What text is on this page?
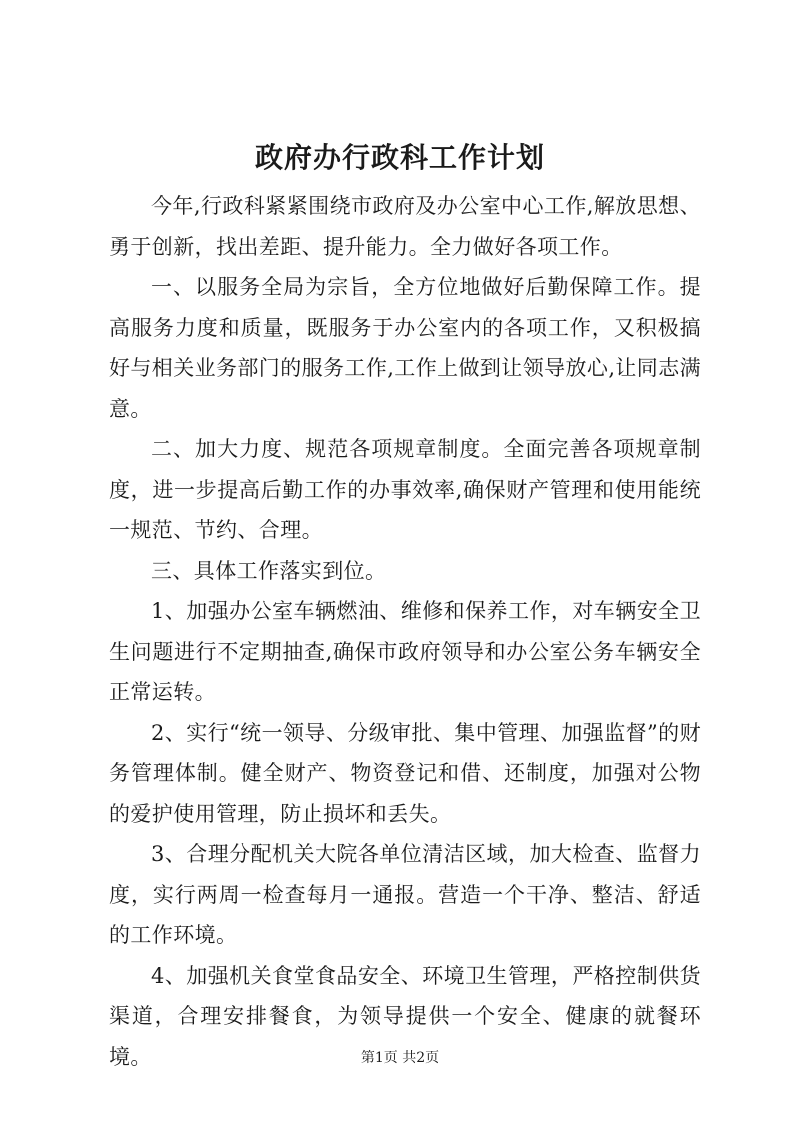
政府办行政科工作计划

今年,行政科紧紧围绕市政府及办公室中心工作,解放思想、勇于创新，找出差距、提升能力。全力做好各项工作。

一、以服务全局为宗旨，全方位地做好后勤保障工作。提高服务力度和质量，既服务于办公室内的各项工作，又积极搞好与相关业务部门的服务工作,工作上做到让领导放心,让同志满意。

二、加大力度、规范各项规章制度。全面完善各项规章制度，进一步提高后勤工作的办事效率,确保财产管理和使用能统一规范、节约、合理。

三、具体工作落实到位。

1、加强办公室车辆燃油、维修和保养工作，对车辆安全卫生问题进行不定期抽查,确保市政府领导和办公室公务车辆安全正常运转。

2、实行“统一领导、分级审批、集中管理、加强监督”的财务管理体制。健全财产、物资登记和借、还制度，加强对公物的爱护使用管理，防止损坏和丢失。

3、合理分配机关大院各单位清洁区域，加大检查、监督力度，实行两周一检查每月一通报。营造一个干净、整洁、舒适的工作环境。

4、加强机关食堂食品安全、环境卫生管理，严格控制供货渠道，合理安排餐食，为领导提供一个安全、健康的就餐环境。	第1页 共2页
